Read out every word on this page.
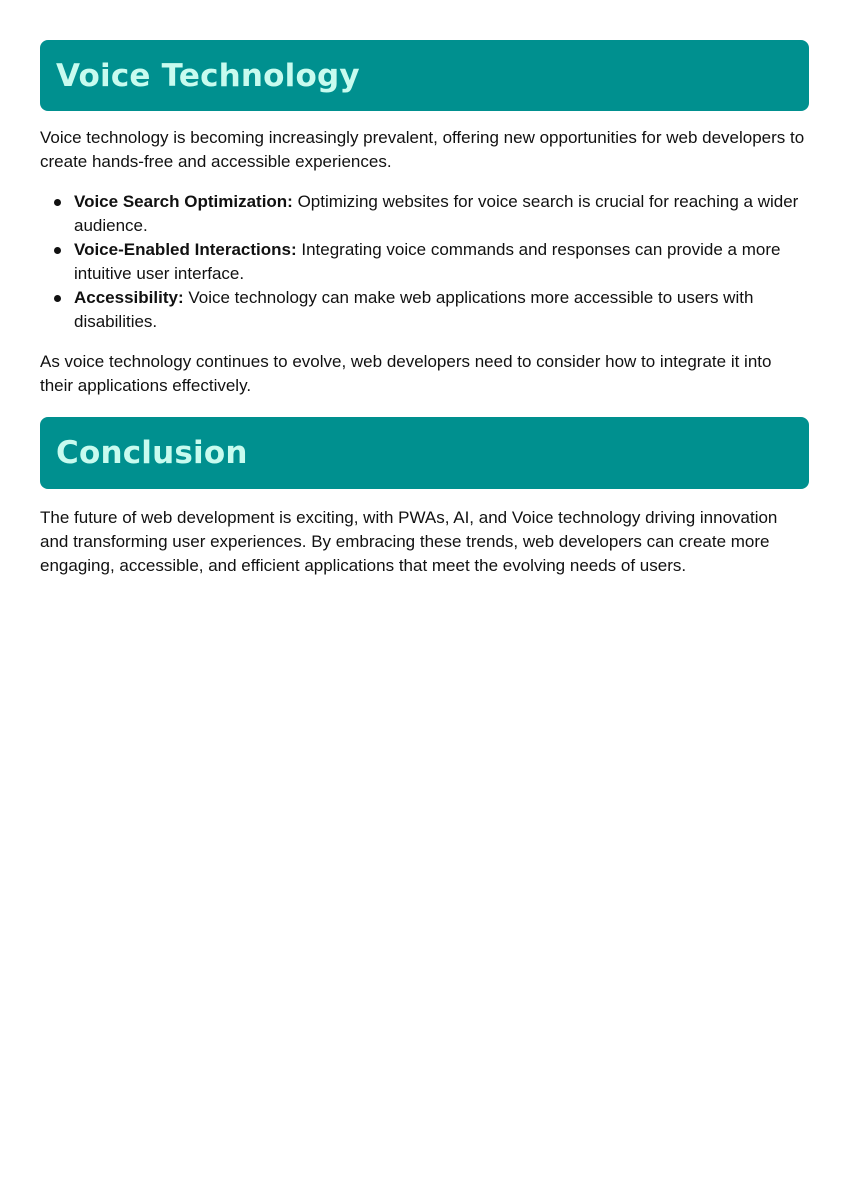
Voice Technology

Voice technology is becoming increasingly prevalent, offering new opportunities for web developers to create hands-free and accessible experiences.

Voice Search Optimization: Optimizing websites for voice search is crucial for reaching a wider audience.
Voice-Enabled Interactions: Integrating voice commands and responses can provide a more intuitive user interface.
Accessibility: Voice technology can make web applications more accessible to users with disabilities.

As voice technology continues to evolve, web developers need to consider how to integrate it into their applications effectively.

Conclusion

The future of web development is exciting, with PWAs, AI, and Voice technology driving innovation and transforming user experiences. By embracing these trends, web developers can create more engaging, accessible, and efficient applications that meet the evolving needs of users.
